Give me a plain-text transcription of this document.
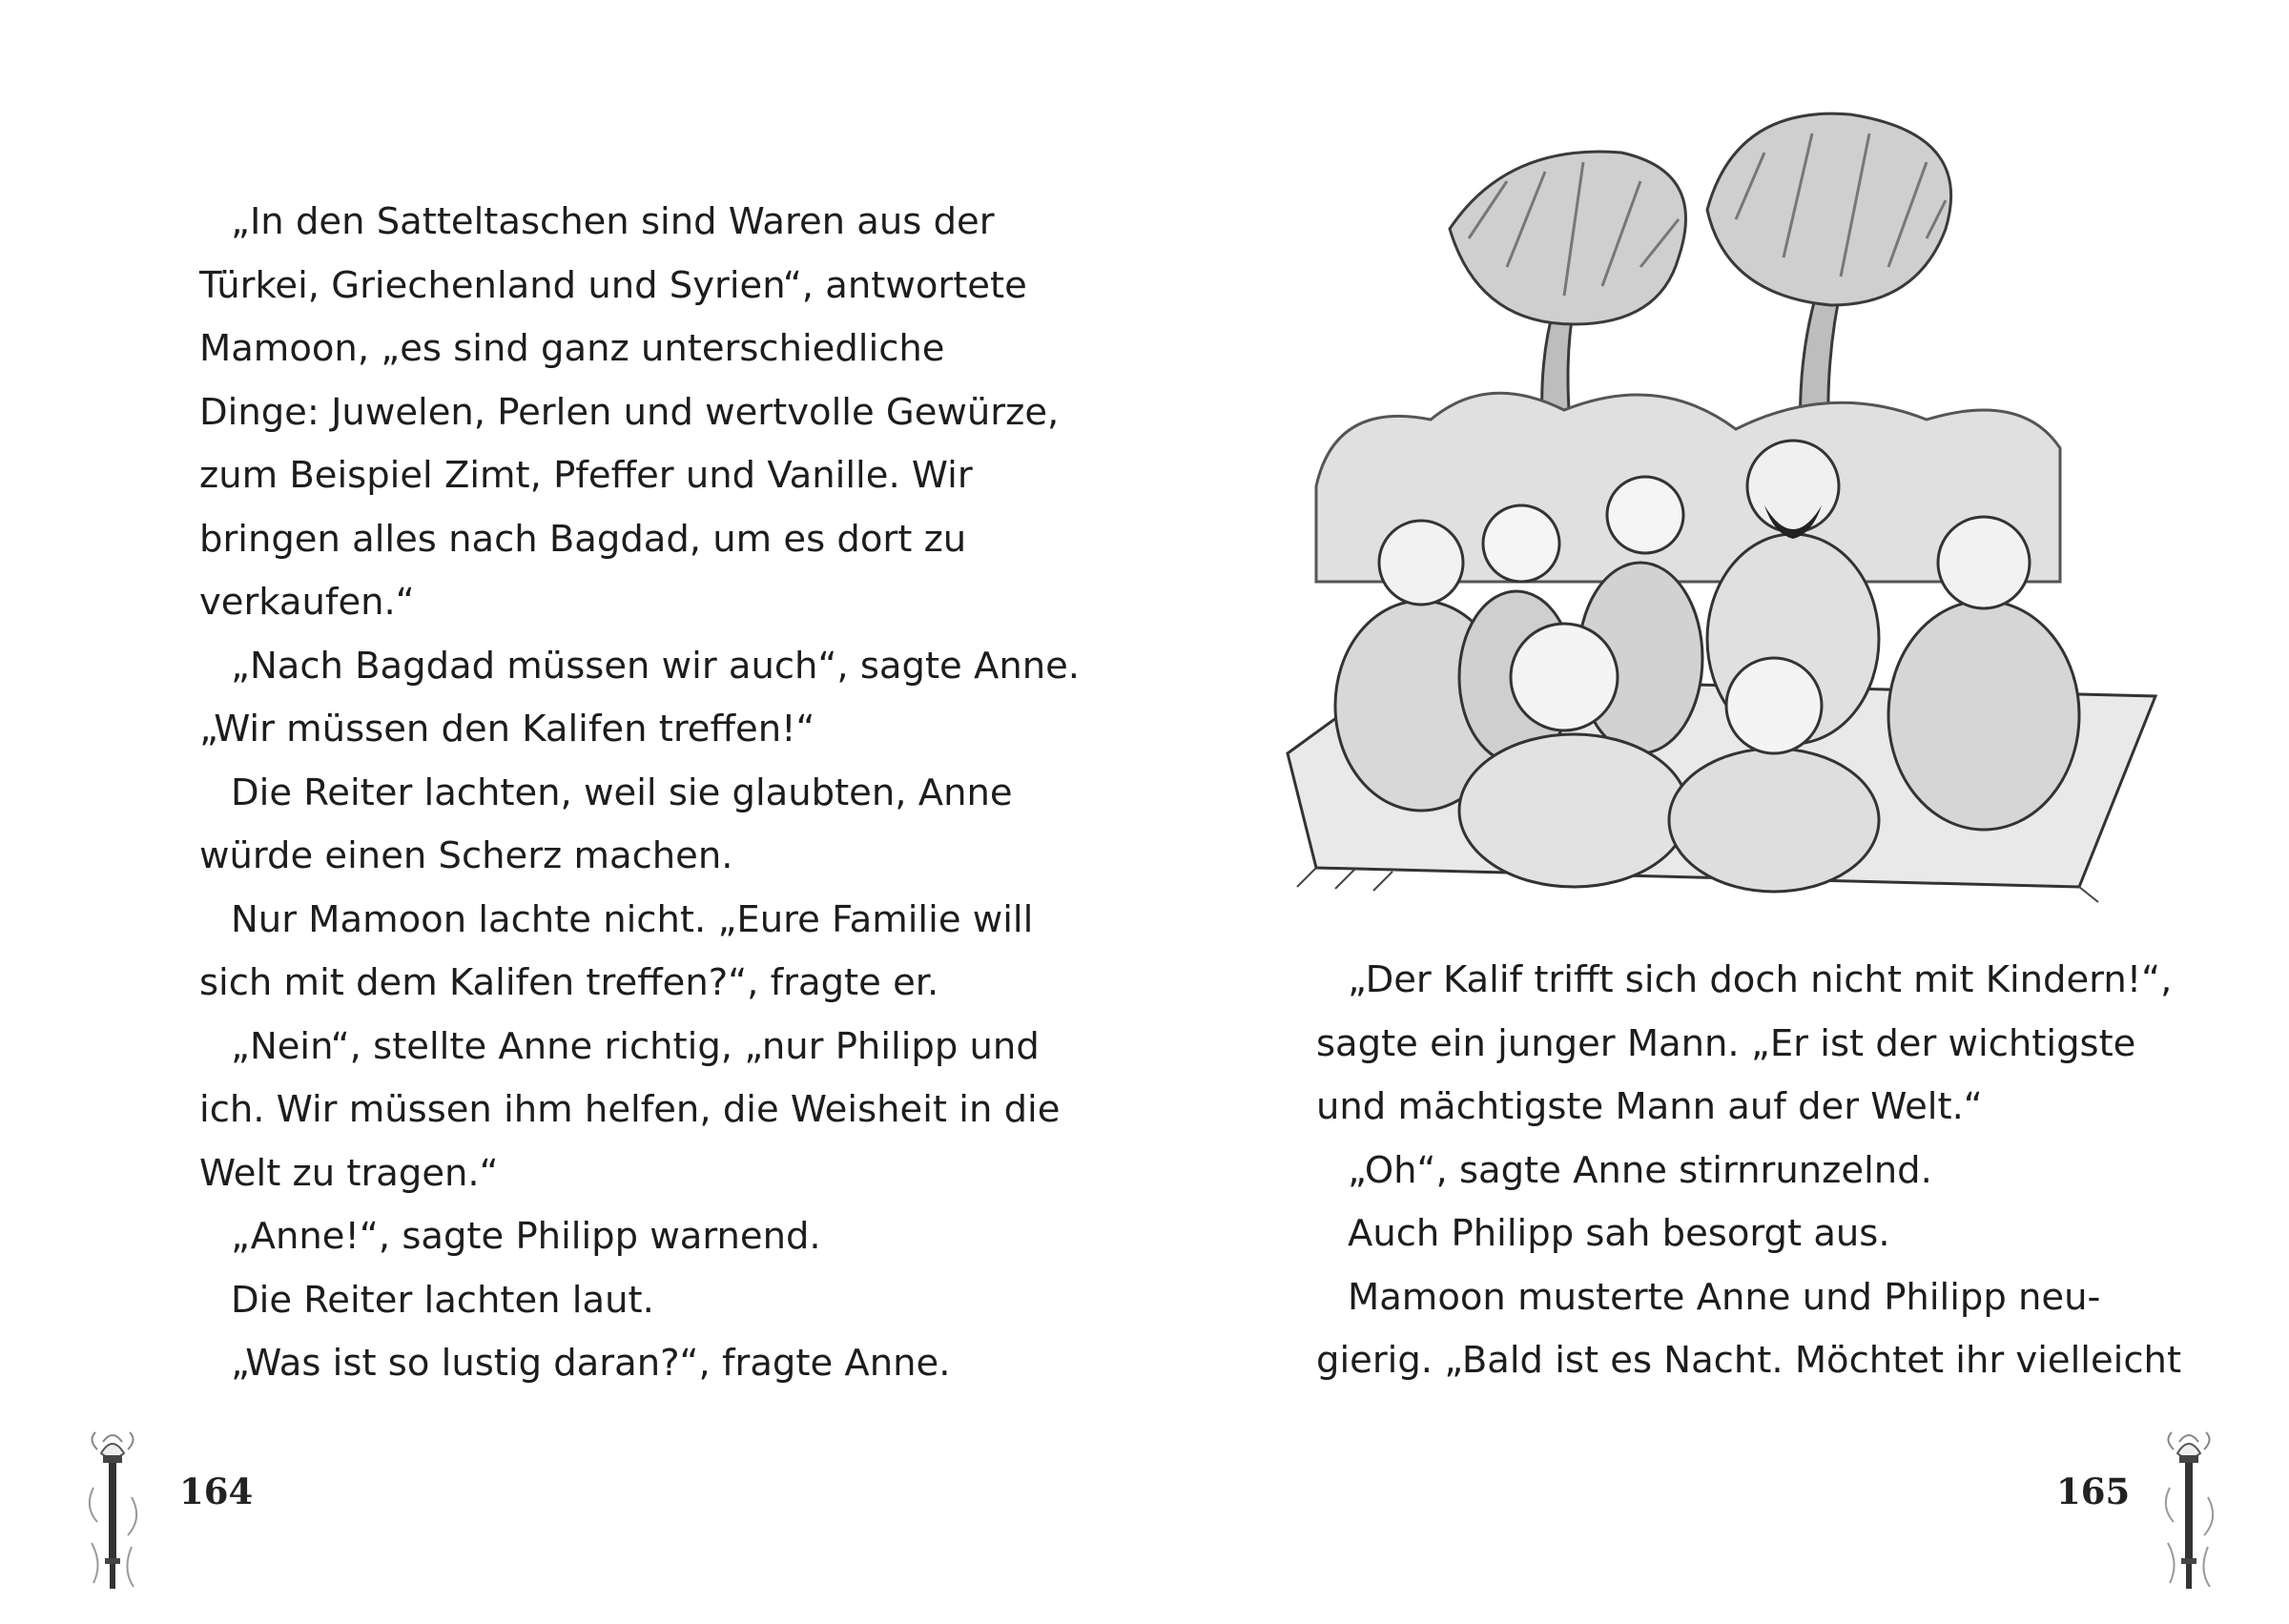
„In den Satteltaschen sind Waren aus der
Türkei, Griechenland und Syrien“, antwortete
Mamoon, „es sind ganz unterschiedliche
Dinge: Juwelen, Perlen und wertvolle Gewürze,
zum Beispiel Zimt, Pfeffer und Vanille. Wir
bringen alles nach Bagdad, um es dort zu
verkaufen.“
„Nach Bagdad müssen wir auch“, sagte Anne.
„Wir müssen den Kalifen treffen!“
Die Reiter lachten, weil sie glaubten, Anne
würde einen Scherz machen.
Nur Mamoon lachte nicht. „Eure Familie will
sich mit dem Kalifen treffen?“, fragte er.
„Nein“, stellte Anne richtig, „nur Philipp und
ich. Wir müssen ihm helfen, die Weisheit in die
Welt zu tragen.“
„Anne!“, sagte Philipp warnend.
Die Reiter lachten laut.
„Was ist so lustig daran?“, fragte Anne.
164
„Der Kalif trifft sich doch nicht mit Kindern!“,
sagte ein junger Mann. „Er ist der wichtigste
und mächtigste Mann auf der Welt.“
„Oh“, sagte Anne stirnrunzelnd.
Auch Philipp sah besorgt aus.
Mamoon musterte Anne und Philipp neu-
gierig. „Bald ist es Nacht. Möchtet ihr vielleicht
165
